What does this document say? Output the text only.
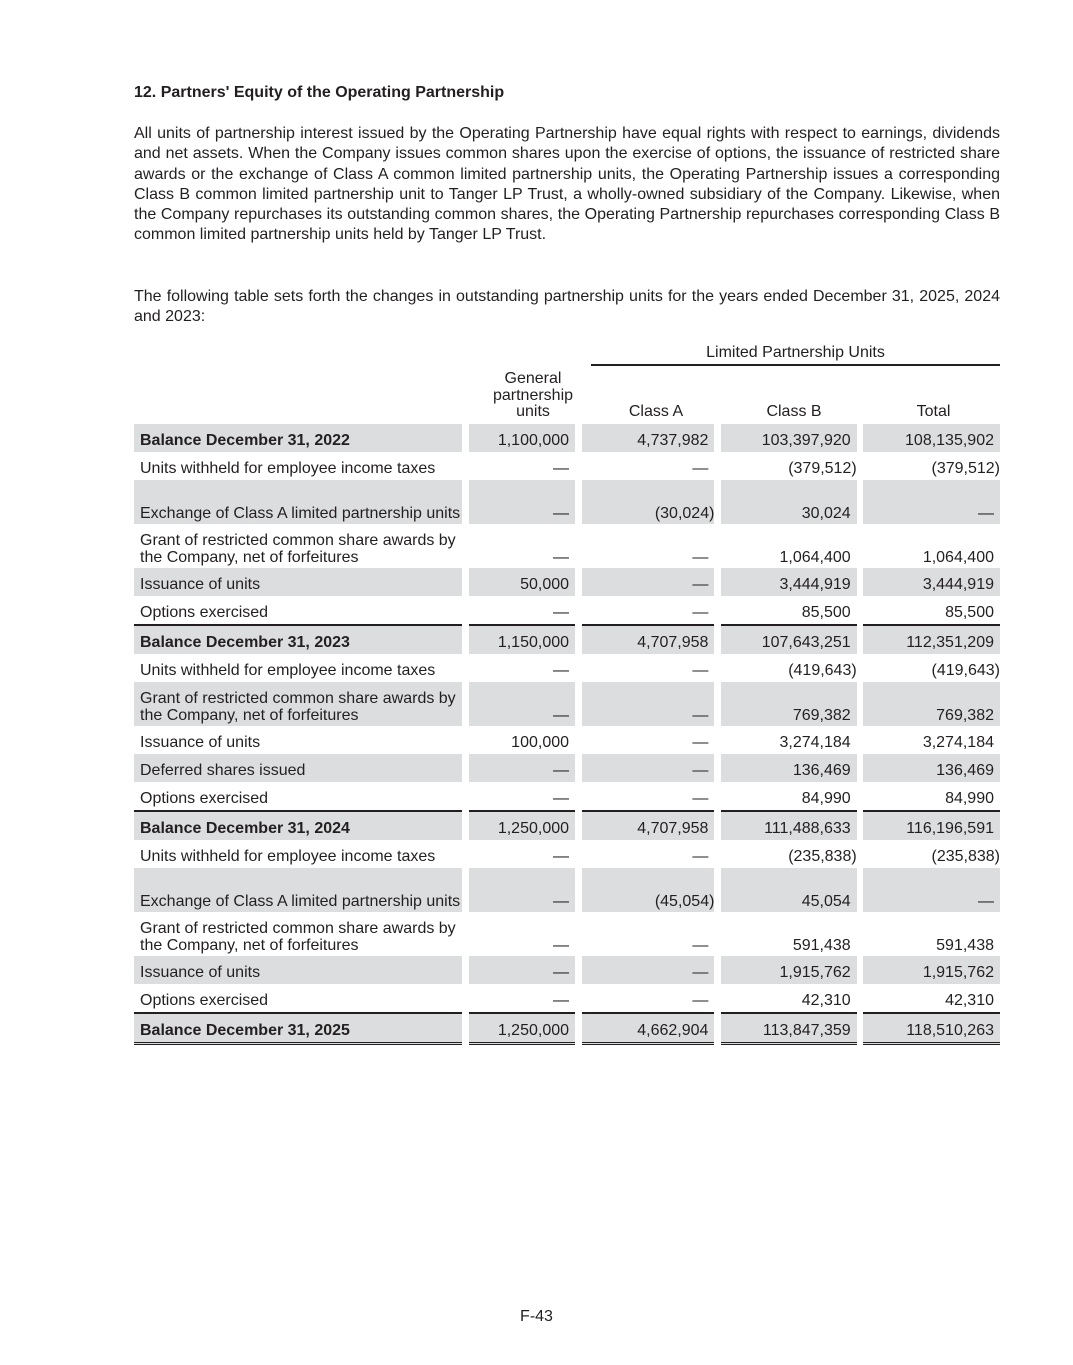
12. Partners' Equity of the Operating Partnership

All units of partnership interest issued by the Operating Partnership have equal rights with respect to earnings, dividends and net assets. When the Company issues common shares upon the exercise of options, the issuance of restricted share awards or the exchange of Class A common limited partnership units, the Operating Partnership issues a corresponding Class B common limited partnership unit to Tanger LP Trust, a wholly-owned subsidiary of the Company. Likewise, when the Company repurchases its outstanding common shares, the Operating Partnership repurchases corresponding Class B common limited partnership units held by Tanger LP Trust.

The following table sets forth the changes in outstanding partnership units for the years ended December 31, 2025, 2024 and 2023:

Limited Partnership Units
General
partnership
units	Class A	Class B	Total
Balance December 31, 2022		1,100,000		4,737,982		103,397,920		108,135,902
Units withheld for employee income taxes		—		—		(379,512)		(379,512)
Exchange of Class A limited partnership units		—		(30,024)		30,024		—
Grant of restricted common share awards by the Company, net of forfeitures		—		—		1,064,400		1,064,400
Issuance of units		50,000		—		3,444,919		3,444,919
Options exercised		—		—		85,500		85,500
Balance December 31, 2023		1,150,000		4,707,958		107,643,251		112,351,209
Units withheld for employee income taxes		—		—		(419,643)		(419,643)
Grant of restricted common share awards by the Company, net of forfeitures		—		—		769,382		769,382
Issuance of units		100,000		—		3,274,184		3,274,184
Deferred shares issued		—		—		136,469		136,469
Options exercised		—		—		84,990		84,990
Balance December 31, 2024		1,250,000		4,707,958		111,488,633		116,196,591
Units withheld for employee income taxes		—		—		(235,838)		(235,838)
Exchange of Class A limited partnership units		—		(45,054)		45,054		—
Grant of restricted common share awards by the Company, net of forfeitures		—		—		591,438		591,438
Issuance of units		—		—		1,915,762		1,915,762
Options exercised		—		—		42,310		42,310
Balance December 31, 2025		1,250,000		4,662,904		113,847,359		118,510,263
F-43
